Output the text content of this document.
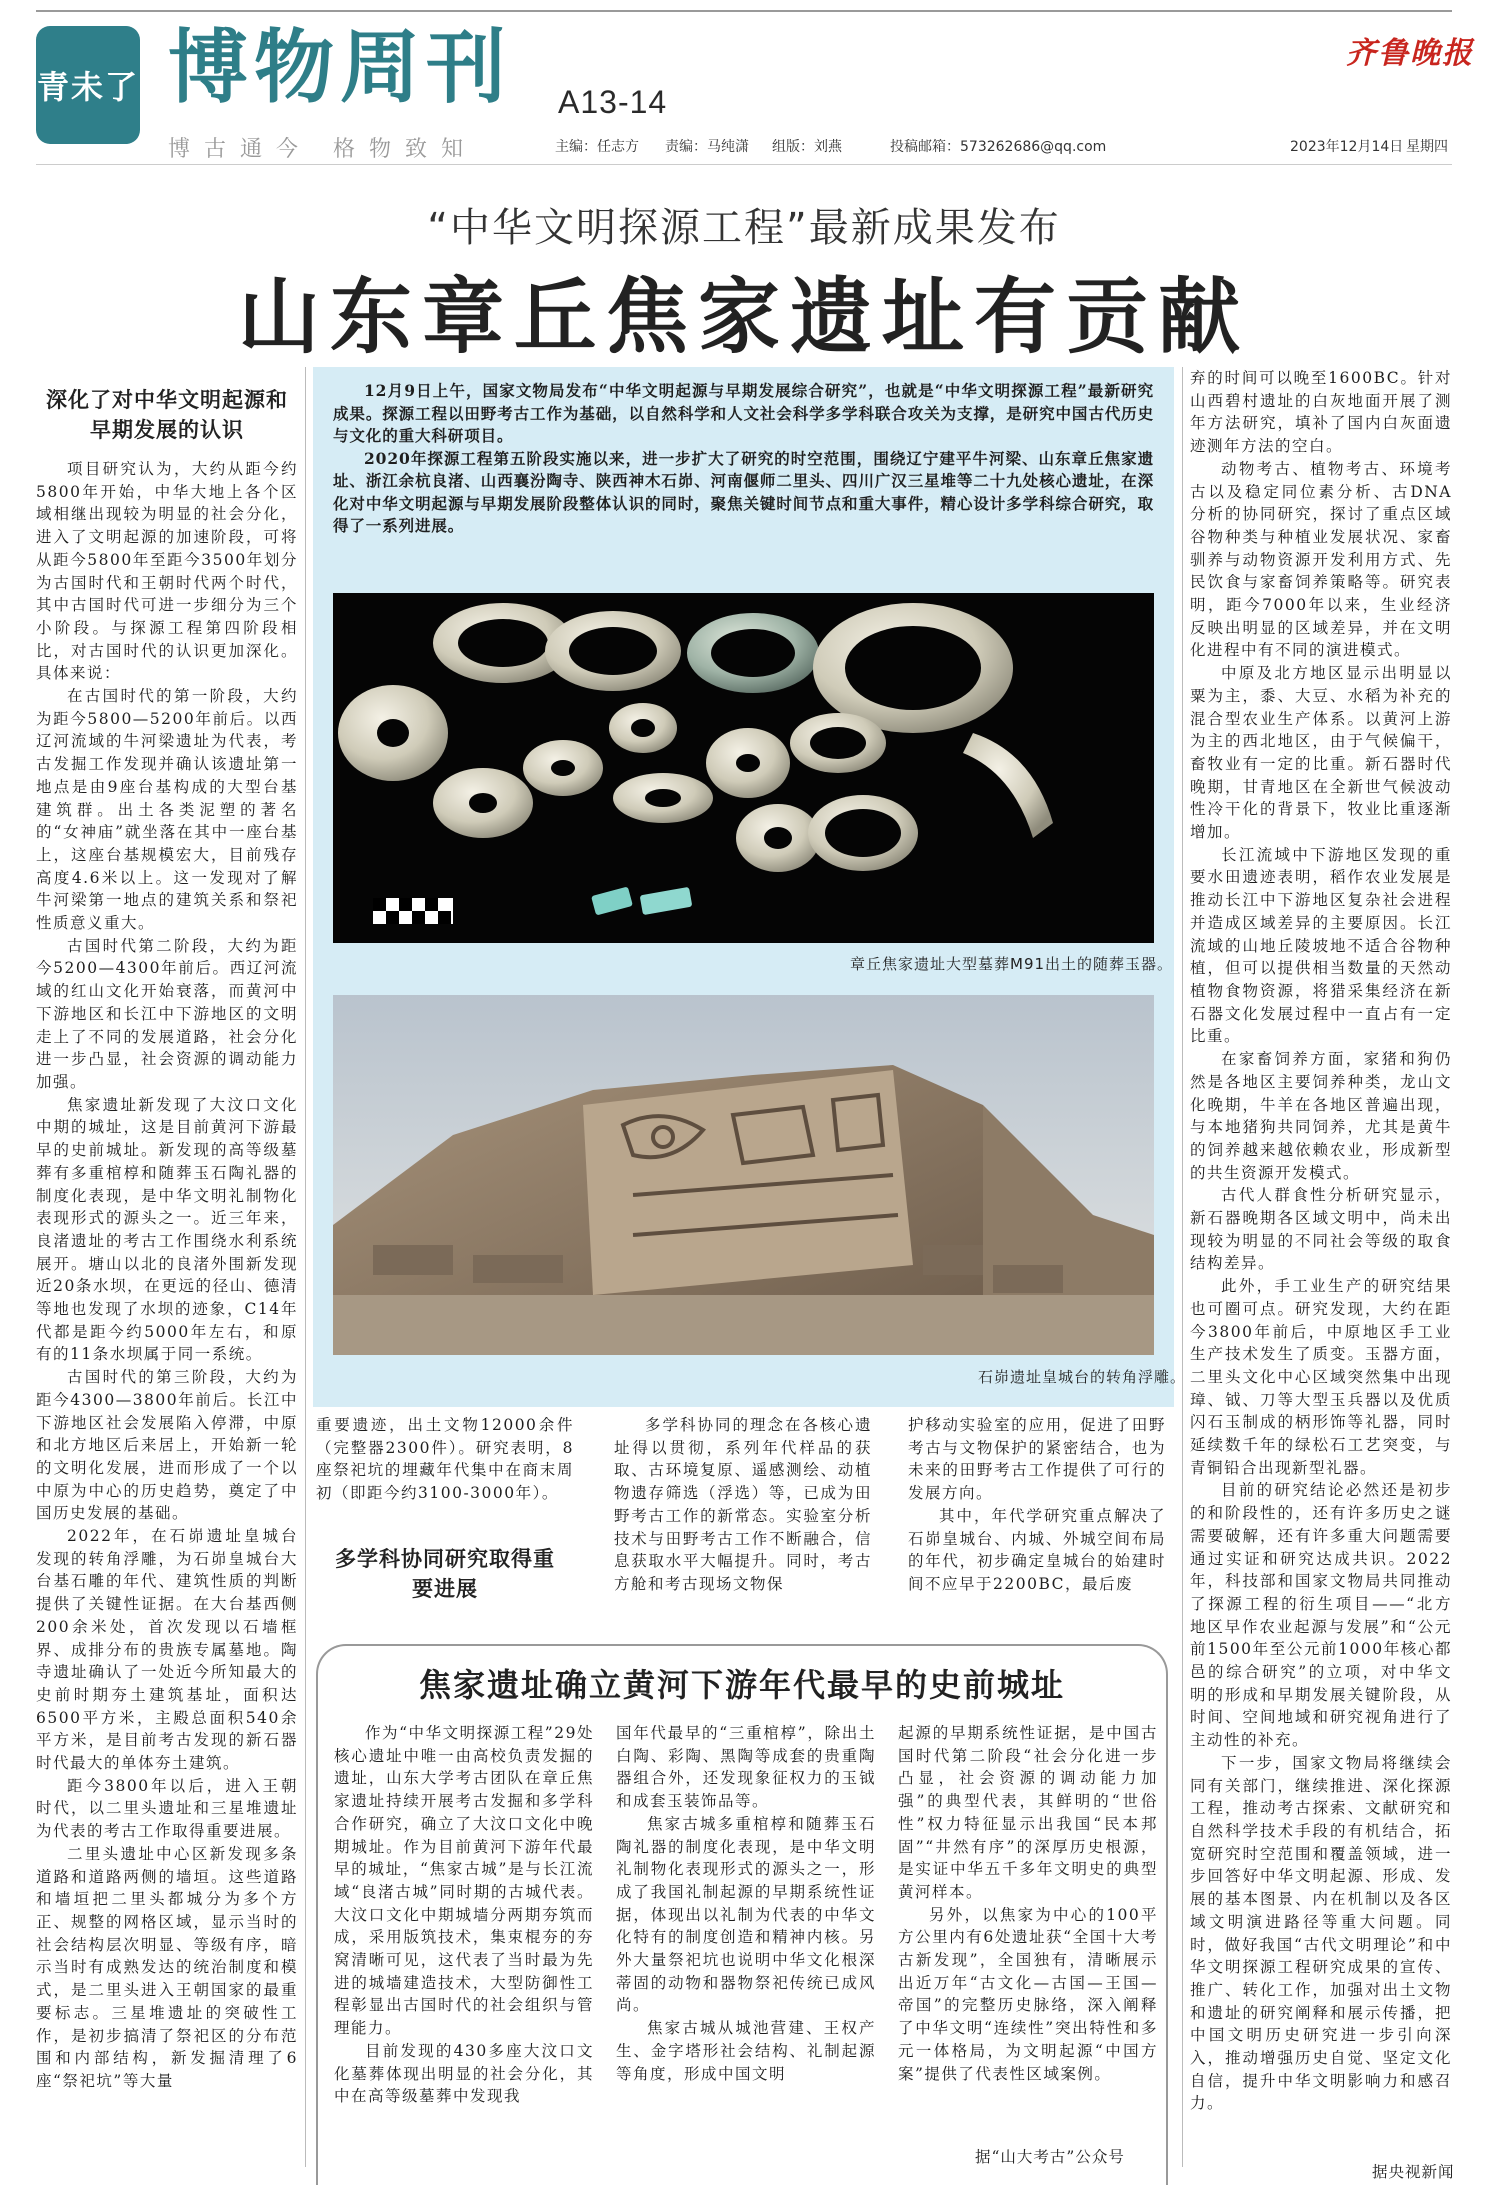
青未了 博物周刊 A13-14
博古通今 格物致知	主编：任志方 责编：马纯潇 组版：刘燕	投稿邮箱：573262686@qq.com	2023年12月14日 星期四
齐鲁晚报
“中华文明探源工程”最新成果发布
山东章丘焦家遗址有贡献
深化了对中华文明起源和早期发展的认识

项目研究认为，大约从距今约5800年开始，中华大地上各个区域相继出现较为明显的社会分化，进入了文明起源的加速阶段，可将从距今5800年至距今3500年划分为古国时代和王朝时代两个时代，其中古国时代可进一步细分为三个小阶段。与探源工程第四阶段相比，对古国时代的认识更加深化。具体来说：

在古国时代的第一阶段，大约为距今5800—5200年前后。以西辽河流域的牛河梁遗址为代表，考古发掘工作发现并确认该遗址第一地点是由9座台基构成的大型台基建筑群。出土各类泥塑的著名的“女神庙”就坐落在其中一座台基上，这座台基规模宏大，目前残存高度4.6米以上。这一发现对了解牛河梁第一地点的建筑关系和祭祀性质意义重大。

古国时代第二阶段，大约为距今5200—4300年前后。西辽河流域的红山文化开始衰落，而黄河中下游地区和长江中下游地区的文明走上了不同的发展道路，社会分化进一步凸显，社会资源的调动能力加强。

焦家遗址新发现了大汶口文化中期的城址，这是目前黄河下游最早的史前城址。新发现的高等级墓葬有多重棺椁和随葬玉石陶礼器的制度化表现，是中华文明礼制物化表现形式的源头之一。近三年来，良渚遗址的考古工作围绕水利系统展开。塘山以北的良渚外围新发现近20条水坝，在更远的径山、德清等地也发现了水坝的迹象，C14年代都是距今约5000年左右，和原有的11条水坝属于同一系统。

古国时代的第三阶段，大约为距今4300—3800年前后。长江中下游地区社会发展陷入停滞，中原和北方地区后来居上，开始新一轮的文明化发展，进而形成了一个以中原为中心的历史趋势，奠定了中国历史发展的基础。

2022年，在石峁遗址皇城台发现的转角浮雕，为石峁皇城台大台基石雕的年代、建筑性质的判断提供了关键性证据。在大台基西侧200余米处，首次发现以石墙框界、成排分布的贵族专属墓地。陶寺遗址确认了一处近今所知最大的史前时期夯土建筑基址，面积达6500平方米，主殿总面积540余平方米，是目前考古发现的新石器时代最大的单体夯土建筑。

距今3800年以后，进入王朝时代，以二里头遗址和三星堆遗址为代表的考古工作取得重要进展。

二里头遗址中心区新发现多条道路和道路两侧的墙垣。这些道路和墙垣把二里头都城分为多个方正、规整的网格区域，显示当时的社会结构层次明显、等级有序，暗示当时有成熟发达的统治制度和模式，是二里头进入王朝国家的最重要标志。三星堆遗址的突破性工作，是初步搞清了祭祀区的分布范围和内部结构，新发掘清理了6座“祭祀坑”等大量

12月9日上午，国家文物局发布“中华文明起源与早期发展综合研究”，也就是“中华文明探源工程”最新研究成果。探源工程以田野考古工作为基础，以自然科学和人文社会科学多学科联合攻关为支撑，是研究中国古代历史与文化的重大科研项目。

2020年探源工程第五阶段实施以来，进一步扩大了研究的时空范围，围绕辽宁建平牛河梁、山东章丘焦家遗址、浙江余杭良渚、山西襄汾陶寺、陕西神木石峁、河南偃师二里头、四川广汉三星堆等二十九处核心遗址，在深化对中华文明起源与早期发展阶段整体认识的同时，聚焦关键时间节点和重大事件，精心设计多学科综合研究，取得了一系列进展。

章丘焦家遗址大型墓葬M91出土的随葬玉器。
石峁遗址皇城台的转角浮雕。

重要遗迹，出土文物12000余件（完整器2300件）。研究表明，8座祭祀坑的埋藏年代集中在商末周初（即距今约3100-3000年）。

多学科协同研究取得重要进展

多学科协同的理念在各核心遗址得以贯彻，系列年代样品的获取、古环境复原、遥感测绘、动植物遗存筛选（浮选）等，已成为田野考古工作的新常态。实验室分析技术与田野考古工作不断融合，信息获取水平大幅提升。同时，考古方舱和考古现场文物保

护移动实验室的应用，促进了田野考古与文物保护的紧密结合，也为未来的田野考古工作提供了可行的发展方向。

其中，年代学研究重点解决了石峁皇城台、内城、外城空间布局的年代，初步确定皇城台的始建时间不应早于2200BC，最后废

焦家遗址确立黄河下游年代最早的史前城址

作为“中华文明探源工程”29处核心遗址中唯一由高校负责发掘的遗址，山东大学考古团队在章丘焦家遗址持续开展考古发掘和多学科合作研究，确立了大汶口文化中晚期城址。作为目前黄河下游年代最早的城址，“焦家古城”是与长江流域“良渚古城”同时期的古城代表。大汶口文化中期城墙分两期夯筑而成，采用版筑技术，集束棍夯的夯窝清晰可见，这代表了当时最为先进的城墙建造技术，大型防御性工程彰显出古国时代的社会组织与管理能力。

目前发现的430多座大汶口文化墓葬体现出明显的社会分化，其中在高等级墓葬中发现我

国年代最早的“三重棺椁”，除出土白陶、彩陶、黑陶等成套的贵重陶器组合外，还发现象征权力的玉钺和成套玉装饰品等。

焦家古城多重棺椁和随葬玉石陶礼器的制度化表现，是中华文明礼制物化表现形式的源头之一，形成了我国礼制起源的早期系统性证据，体现出以礼制为代表的中华文化特有的制度创造和精神内核。另外大量祭祀坑也说明中华文化根深蒂固的动物和器物祭祀传统已成风尚。

焦家古城从城池营建、王权产生、金字塔形社会结构、礼制起源等角度，形成中国文明

起源的早期系统性证据，是中国古国时代第二阶段“社会分化进一步凸显，社会资源的调动能力加强”的典型代表，其鲜明的“世俗性”权力特征显示出我国“民本邦固”“井然有序”的深厚历史根源，是实证中华五千多年文明史的典型黄河样本。

另外，以焦家为中心的100平方公里内有6处遗址获“全国十大考古新发现”，全国独有，清晰展示出近万年“古文化—古国—王国—帝国”的完整历史脉络，深入阐释了中华文明“连续性”突出特性和多元一体格局，为文明起源“中国方案”提供了代表性区域案例。

据“山大考古”公众号

弃的时间可以晚至1600BC。针对山西碧村遗址的白灰地面开展了测年方法研究，填补了国内白灰面遗迹测年方法的空白。

动物考古、植物考古、环境考古以及稳定同位素分析、古DNA分析的协同研究，探讨了重点区域谷物种类与种植业发展状况、家畜驯养与动物资源开发利用方式、先民饮食与家畜饲养策略等。研究表明，距今7000年以来，生业经济反映出明显的区域差异，并在文明化进程中有不同的演进模式。

中原及北方地区显示出明显以粟为主，黍、大豆、水稻为补充的混合型农业生产体系。以黄河上游为主的西北地区，由于气候偏干，畜牧业有一定的比重。新石器时代晚期，甘青地区在全新世气候波动性冷干化的背景下，牧业比重逐渐增加。

长江流域中下游地区发现的重要水田遗迹表明，稻作农业发展是推动长江中下游地区复杂社会进程并造成区域差异的主要原因。长江流域的山地丘陵坡地不适合谷物种植，但可以提供相当数量的天然动植物食物资源，将猎采集经济在新石器文化发展过程中一直占有一定比重。

在家畜饲养方面，家猪和狗仍然是各地区主要饲养种类，龙山文化晚期，牛羊在各地区普遍出现，与本地猪狗共同饲养，尤其是黄牛的饲养越来越依赖农业，形成新型的共生资源开发模式。

古代人群食性分析研究显示，新石器晚期各区域文明中，尚未出现较为明显的不同社会等级的取食结构差异。

此外，手工业生产的研究结果也可圈可点。研究发现，大约在距今3800年前后，中原地区手工业生产技术发生了质变。玉器方面，二里头文化中心区域突然集中出现璋、钺、刀等大型玉兵器以及优质闪石玉制成的柄形饰等礼器，同时延续数千年的绿松石工艺突变，与青铜铅合出现新型礼器。

目前的研究结论必然还是初步的和阶段性的，还有许多历史之谜需要破解，还有许多重大问题需要通过实证和研究达成共识。2022年，科技部和国家文物局共同推动了探源工程的衍生项目——“北方地区早作农业起源与发展”和“公元前1500年至公元前1000年核心都邑的综合研究”的立项，对中华文明的形成和早期发展关键阶段，从时间、空间地域和研究视角进行了主动性的补充。

下一步，国家文物局将继续会同有关部门，继续推进、深化探源工程，推动考古探索、文献研究和自然科学技术手段的有机结合，拓宽研究时空范围和覆盖领域，进一步回答好中华文明起源、形成、发展的基本图景、内在机制以及各区域文明演进路径等重大问题。同时，做好我国“古代文明理论”和中华文明探源工程研究成果的宣传、推广、转化工作，加强对出土文物和遗址的研究阐释和展示传播，把中国文明历史研究进一步引向深入，推动增强历史自觉、坚定文化自信，提升中华文明影响力和感召力。

据央视新闻
